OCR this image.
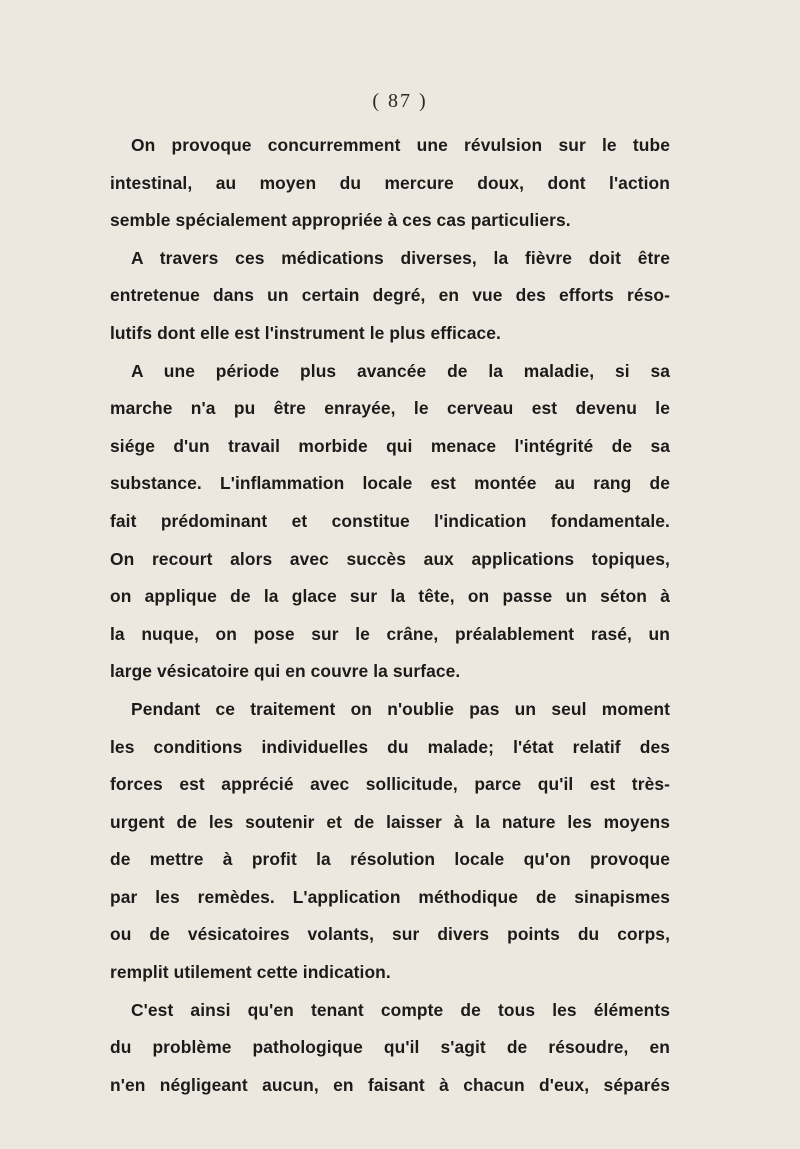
( 87 )
On provoque concurremment une révulsion sur le tube
intestinal, au moyen du mercure doux, dont l'action
semble spécialement appropriée à ces cas particuliers.
A travers ces médications diverses, la fièvre doit être
entretenue dans un certain degré, en vue des efforts réso-
lutifs dont elle est l'instrument le plus efficace.
A une période plus avancée de la maladie, si sa
marche n'a pu être enrayée, le cerveau est devenu le
siége d'un travail morbide qui menace l'intégrité de sa
substance. L'inflammation locale est montée au rang de
fait prédominant et constitue l'indication fondamentale.
On recourt alors avec succès aux applications topiques,
on applique de la glace sur la tête, on passe un séton à
la nuque, on pose sur le crâne, préalablement rasé, un
large vésicatoire qui en couvre la surface.
Pendant ce traitement on n'oublie pas un seul moment
les conditions individuelles du malade; l'état relatif des
forces est apprécié avec sollicitude, parce qu'il est très-
urgent de les soutenir et de laisser à la nature les moyens
de mettre à profit la résolution locale qu'on provoque
par les remèdes. L'application méthodique de sinapismes
ou de vésicatoires volants, sur divers points du corps,
remplit utilement cette indication.
C'est ainsi qu'en tenant compte de tous les éléments
du problème pathologique qu'il s'agit de résoudre, en
n'en négligeant aucun, en faisant à chacun d'eux, séparés
